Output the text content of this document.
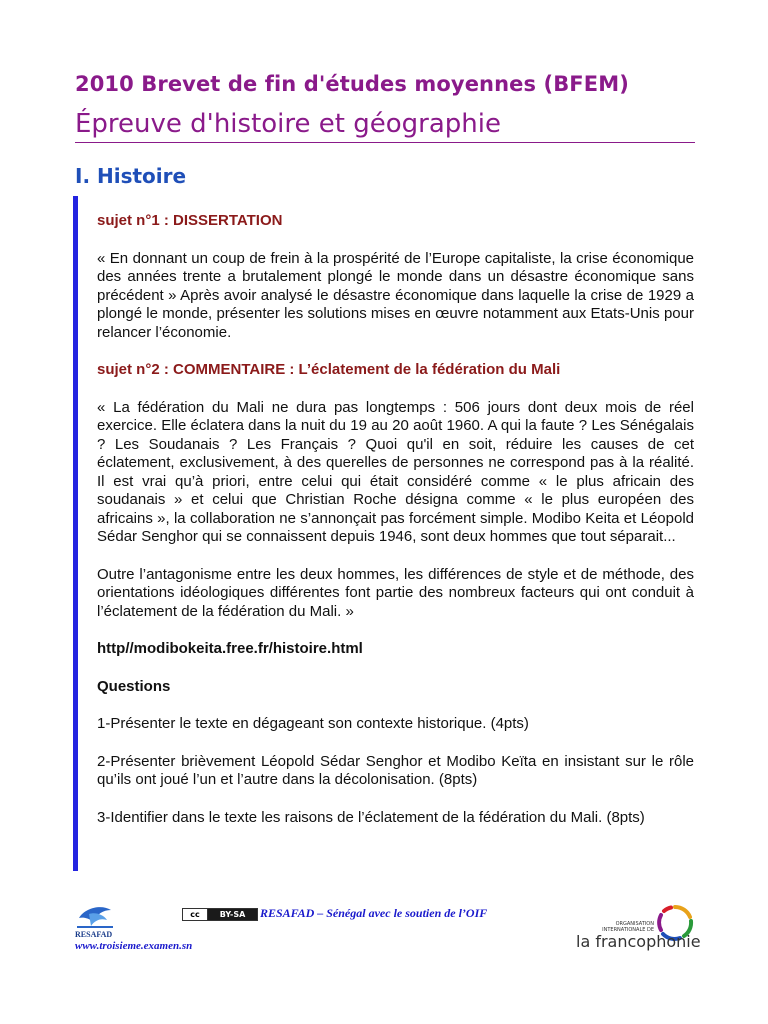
2010 Brevet de fin d'études moyennes (BFEM)
Épreuve d'histoire et géographie
I. Histoire

sujet n°1 : DISSERTATION

« En donnant un coup de frein à la prospérité de l’Europe capitaliste, la crise économique des années trente a brutalement plongé le monde dans un désastre économique sans précédent » Après avoir analysé le désastre économique dans laquelle la crise de 1929 a plongé le monde, présenter les solutions mises en œuvre notamment aux Etats-Unis pour relancer l’économie.

sujet n°2 : COMMENTAIRE : L’éclatement de la fédération du Mali

« La fédération du Mali ne dura pas longtemps : 506 jours dont deux mois de réel exercice. Elle éclatera dans la nuit du 19 au 20 août 1960. A qui la faute ? Les Sénégalais ? Les Soudanais ? Les Français ? Quoi qu'il en soit, réduire les causes de cet éclatement, exclusivement, à des querelles de personnes ne correspond pas à la réalité. Il est vrai qu’à priori, entre celui qui était considéré comme « le plus africain des soudanais » et celui que Christian Roche désigna comme « le plus européen des africains », la collaboration ne s’annonçait pas forcément simple. Modibo Keita et Léopold Sédar Senghor qui se connaissent depuis 1946, sont deux hommes que tout séparait...

Outre l’antagonisme entre les deux hommes, les différences de style et de méthode, des orientations idéologiques différentes font partie des nombreux facteurs qui ont conduit à l’éclatement de la fédération du Mali. »

http//modibokeita.free.fr/histoire.html

Questions

1-Présenter le texte en dégageant son contexte historique. (4pts)

2-Présenter brièvement Léopold Sédar Senghor et Modibo Keïta en insistant sur le rôle qu’ils ont joué l’un et l’autre dans la décolonisation. (8pts)

3-Identifier dans le texte les raisons de l’éclatement de la fédération du Mali. (8pts)

RESAFAD
www.troisieme.examen.sn
cc	BY-SA	RESAFAD – Sénégal avec le soutien de l’OIF
ORGANISATION INTERNATIONALE DE
la francophonie
